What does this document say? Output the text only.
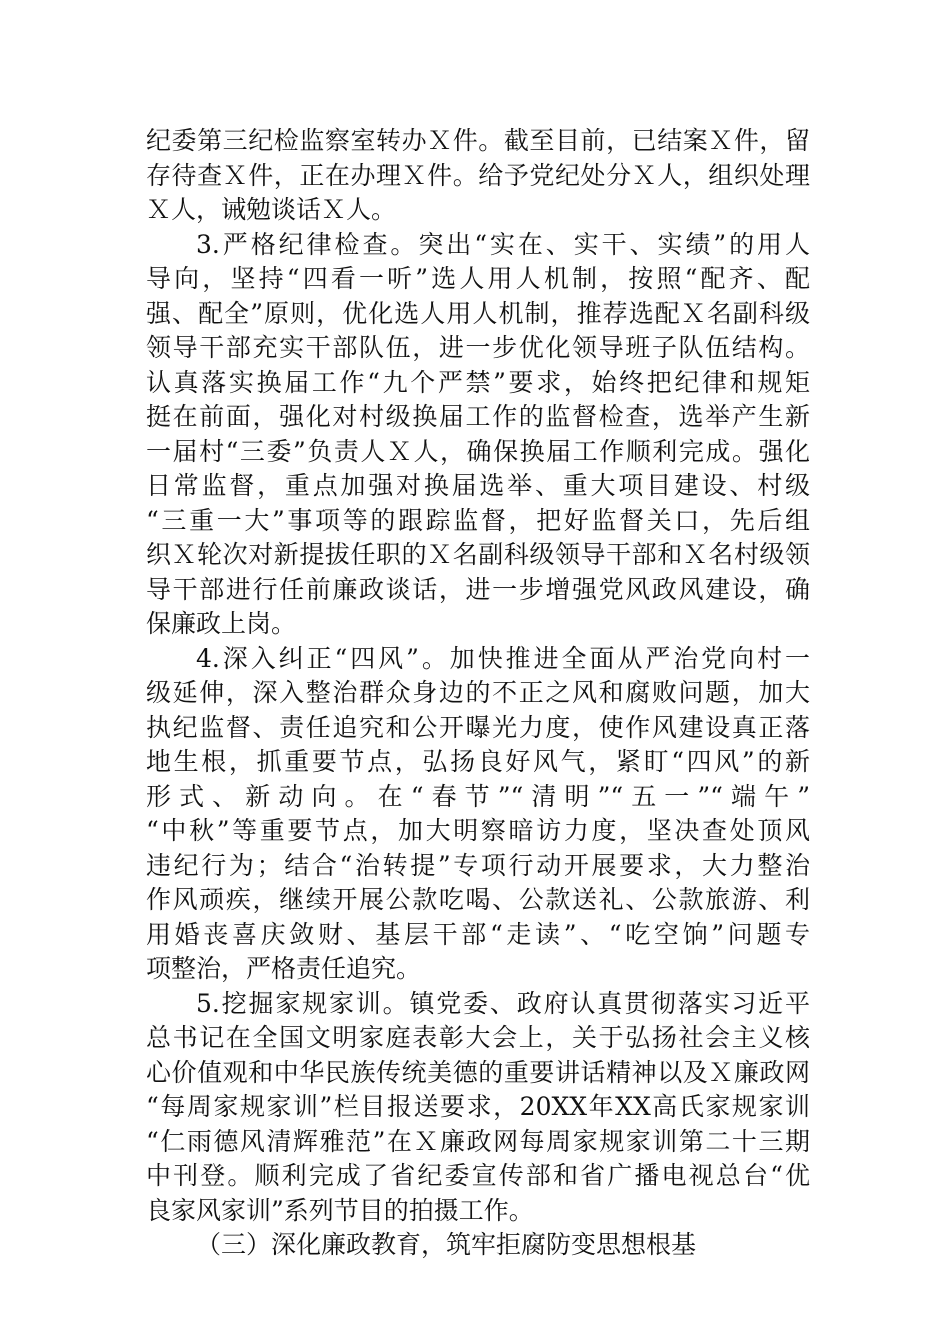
纪委第三纪检监察室转办Ｘ件。截至目前，已结案Ｘ件，留
存待查Ｘ件，正在办理Ｘ件。给予党纪处分Ｘ人，组织处理
Ｘ人，诫勉谈话Ｘ人。
3.严格纪律检查。突出“实在、实干、实绩”的用人
导向，坚持“四看一听”选人用人机制，按照“配齐、配
强、配全”原则，优化选人用人机制，推荐选配Ｘ名副科级
领导干部充实干部队伍，进一步优化领导班子队伍结构。
认真落实换届工作“九个严禁”要求，始终把纪律和规矩
挺在前面，强化对村级换届工作的监督检查，选举产生新
一届村“三委”负责人Ｘ人，确保换届工作顺利完成。强化
日常监督，重点加强对换届选举、重大项目建设、村级
“三重一大”事项等的跟踪监督，把好监督关口，先后组
织Ｘ轮次对新提拔任职的Ｘ名副科级领导干部和Ｘ名村级领
导干部进行任前廉政谈话，进一步增强党风政风建设，确
保廉政上岗。
4.深入纠正“四风”。加快推进全面从严治党向村一
级延伸，深入整治群众身边的不正之风和腐败问题，加大
执纪监督、责任追究和公开曝光力度，使作风建设真正落
地生根，抓重要节点，弘扬良好风气，紧盯“四风”的新
形式、新动向。在“春节”“清明”“五一”“端午”
“中秋”等重要节点，加大明察暗访力度，坚决查处顶风
违纪行为；结合“治转提”专项行动开展要求，大力整治
作风顽疾，继续开展公款吃喝、公款送礼、公款旅游、利
用婚丧喜庆敛财、基层干部“走读”、“吃空饷”问题专
项整治，严格责任追究。
5.挖掘家规家训。镇党委、政府认真贯彻落实习近平
总书记在全国文明家庭表彰大会上，关于弘扬社会主义核
心价值观和中华民族传统美德的重要讲话精神以及Ｘ廉政网
“每周家规家训”栏目报送要求，20XX年XX高氏家规家训
“仁雨德风清辉雅范”在Ｘ廉政网每周家规家训第二十三期
中刊登。顺利完成了省纪委宣传部和省广播电视总台“优
良家风家训”系列节目的拍摄工作。
（三）深化廉政教育，筑牢拒腐防变思想根基
